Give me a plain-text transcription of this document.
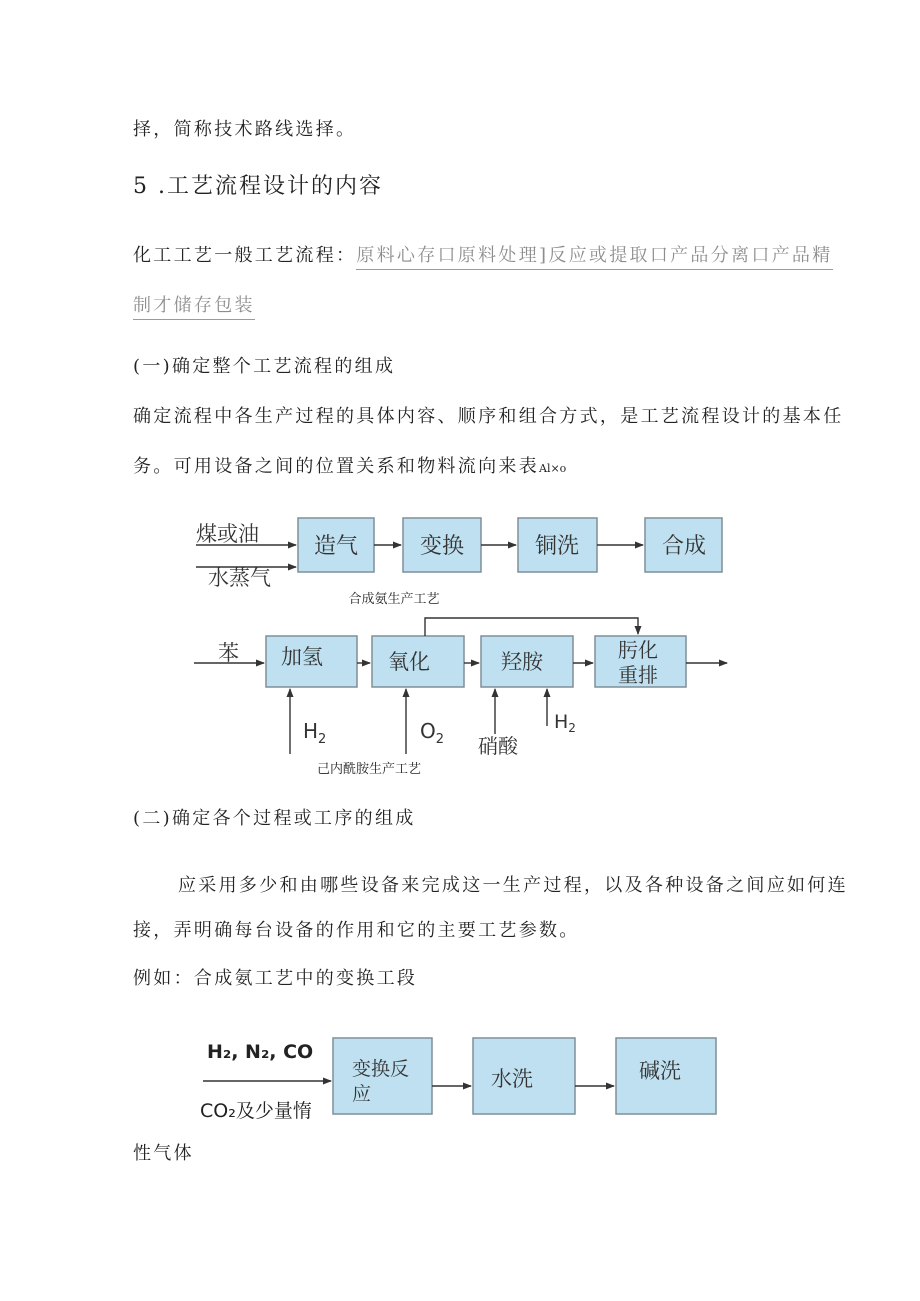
择，简称技术路线选择。
5 .工艺流程设计的内容
化工工艺一般工艺流程：原料心存口原料处理]反应或提取口产品分离口产品精
制才储存包装
(一)确定整个工艺流程的组成
确定流程中各生产过程的具体内容、顺序和组合方式，是工艺流程设计的基本任
务。可用设备之间的位置关系和物料流向来表Al×o
煤或油
水蒸气
造气	变换	铜洗	合成
合成氨生产工艺
苯 加氢	氧化	羟胺	肟化
重排
$H_2$	$O_2$ 硝酸
$H_2$
己内酰胺生产工艺
(二)确定各个过程或工序的组成
应采用多少和由哪些设备来完成这一生产过程，以及各种设备之间应如何连
接，弄明确每台设备的作用和它的主要工艺参数。
例如：合成氨工艺中的变换工段
H₂, N₂, CO
CO₂及少量惰
变换反
应
水洗	碱洗
性气体
